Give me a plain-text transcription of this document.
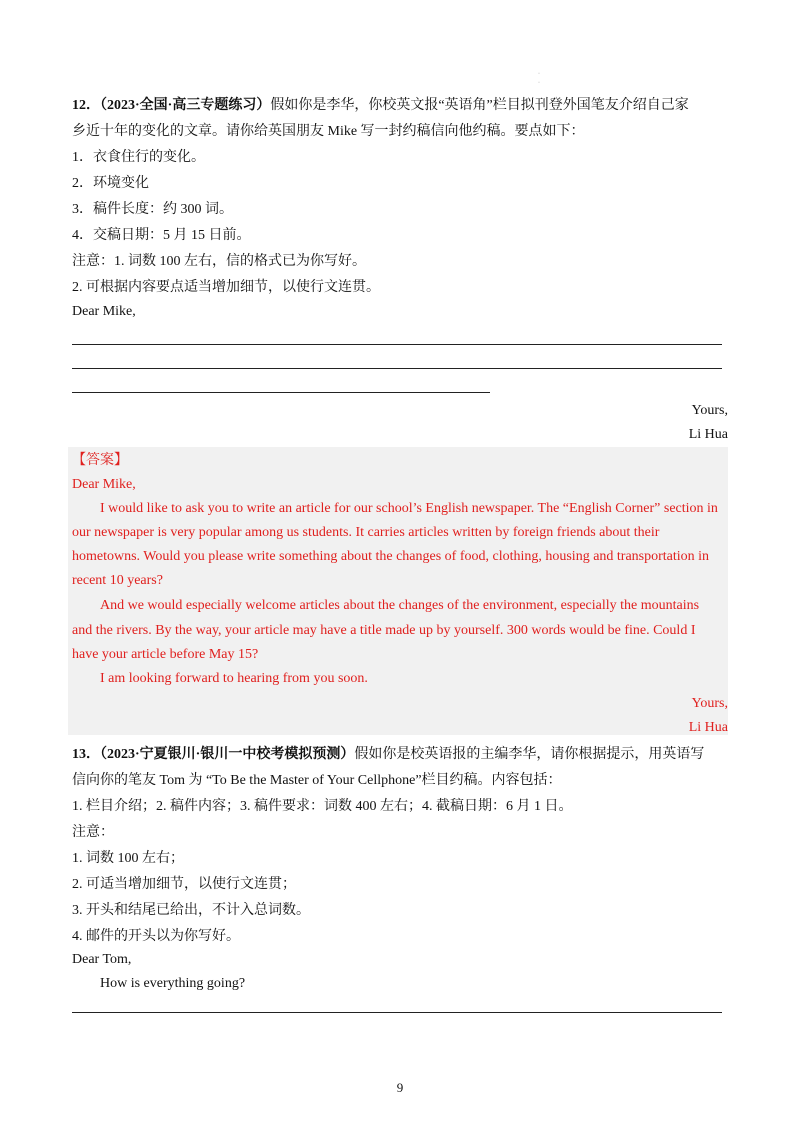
·
·
12．（2023·全国·高三专题练习）假如你是李华，你校英文报“英语角”栏目拟刊登外国笔友介绍自己家
乡近十年的变化的文章。请你给英国朋友 Mike 写一封约稿信向他约稿。要点如下：
1．衣食住行的变化。
2．环境变化
3．稿件长度：约 300 词。
4．交稿日期：5 月 15 日前。
注意：1. 词数 100 左右，信的格式已为你写好。
2. 可根据内容要点适当增加细节，以使行文连贯。
Dear Mike,
Yours,
Li Hua
【答案】
Dear Mike,
I would like to ask you to write an article for our school’s English newspaper. The “English Corner” section in
our newspaper is very popular among us students. It carries articles written by foreign friends about their
hometowns. Would you please write something about the changes of food, clothing, housing and transportation in
recent 10 years?
And we would especially welcome articles about the changes of the environment, especially the mountains
and the rivers. By the way, your article may have a title made up by yourself. 300 words would be fine. Could I
have your article before May 15?
I am looking forward to hearing from you soon.
Yours,
Li Hua
13．（2023·宁夏银川·银川一中校考模拟预测）假如你是校英语报的主编李华，请你根据提示，用英语写
信向你的笔友 Tom 为 “To Be the Master of Your Cellphone”栏目约稿。内容包括：
1. 栏目介绍；2. 稿件内容；3. 稿件要求：词数 400 左右；4. 截稿日期：6 月 1 日。
注意：
1. 词数 100 左右；
2. 可适当增加细节，以使行文连贯；
3. 开头和结尾已给出，不计入总词数。
4. 邮件的开头以为你写好。
Dear Tom,
How is everything going?
9
